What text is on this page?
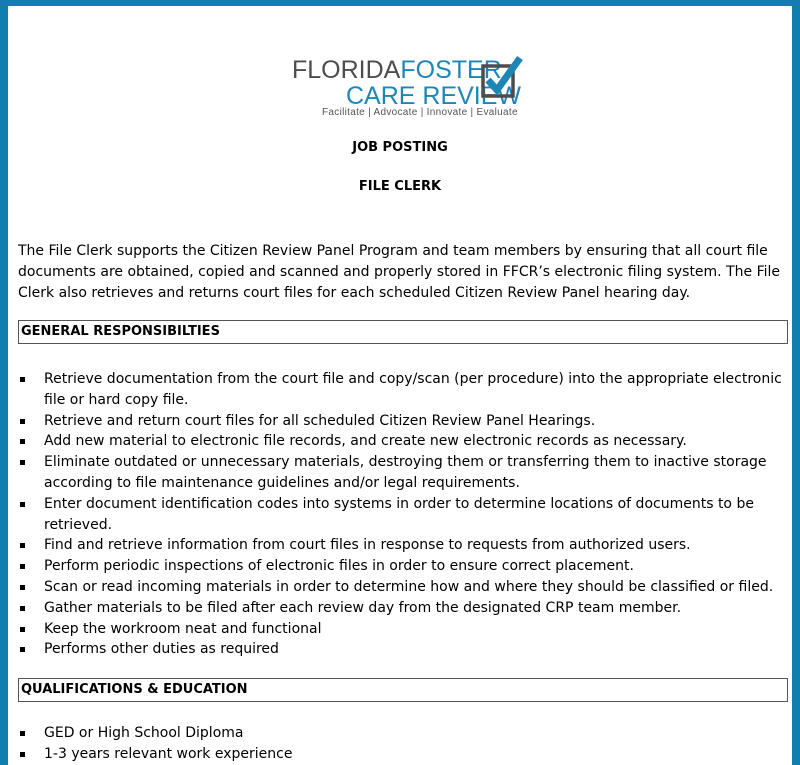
FLORIDAFOSTER
CARE REVIEW
Facilitate | Advocate | Innovate | Evaluate
JOB POSTING
FILE CLERK

The File Clerk supports the Citizen Review Panel Program and team members by ensuring that all court file documents are obtained, copied and scanned and properly stored in FFCR’s electronic filing system. The File Clerk also retrieves and returns court files for each scheduled Citizen Review Panel hearing day.

GENERAL RESPONSIBILTIES
Retrieve documentation from the court file and copy/scan (per procedure) into the appropriate electronic file or hard copy file.
Retrieve and return court files for all scheduled Citizen Review Panel Hearings.
Add new material to electronic file records, and create new electronic records as necessary.
Eliminate outdated or unnecessary materials, destroying them or transferring them to inactive storage according to file maintenance guidelines and/or legal requirements.
Enter document identification codes into systems in order to determine locations of documents to be retrieved.
Find and retrieve information from court files in response to requests from authorized users.
Perform periodic inspections of electronic files in order to ensure correct placement.
Scan or read incoming materials in order to determine how and where they should be classified or filed.
Gather materials to be filed after each review day from the designated CRP team member.
Keep the workroom neat and functional
Performs other duties as required
QUALIFICATIONS & EDUCATION
GED or High School Diploma
1-3 years relevant work experience
